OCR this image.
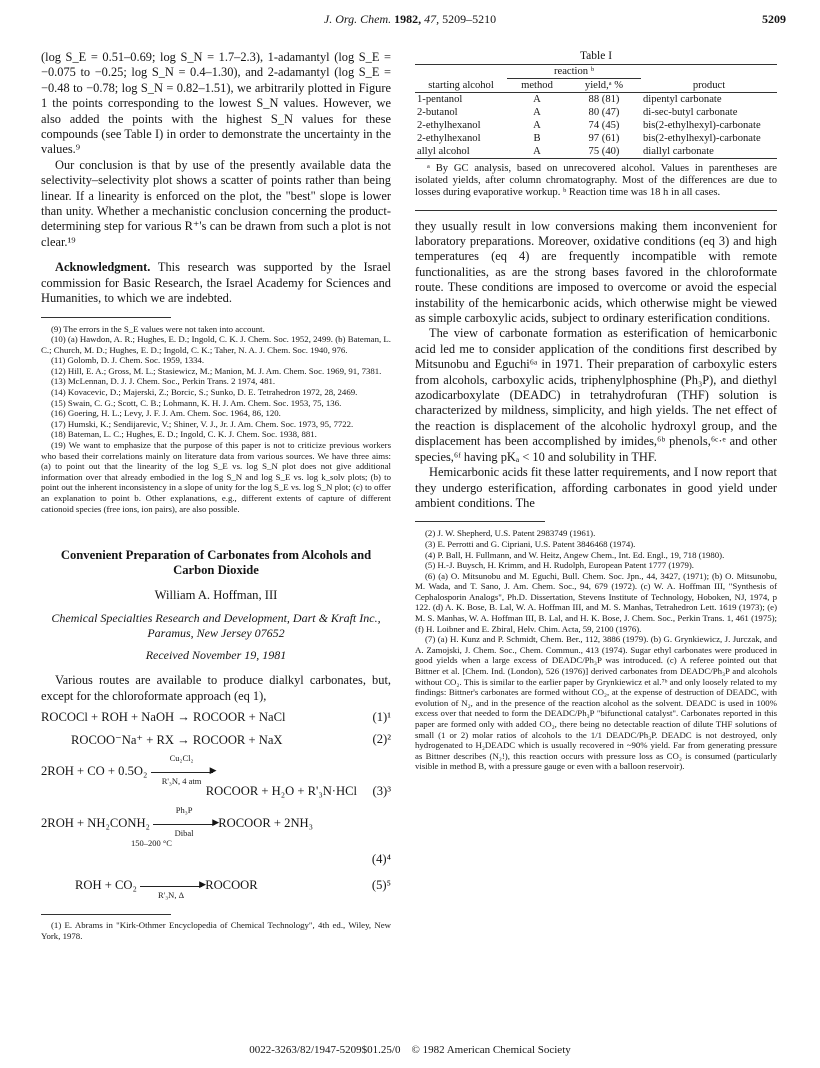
J. Org. Chem. 1982, 47, 5209–5210	5209

(log S_E = 0.51–0.69; log S_N = 1.7–2.3), 1-adamantyl (log S_E = −0.075 to −0.25; log S_N = 0.4–1.30), and 2-adamantyl (log S_E = −0.48 to −0.78; log S_N = 0.82–1.51), we arbitrarily plotted in Figure 1 the points corresponding to the lowest S_N values. However, we also added the points with the highest S_N values for these compounds (see Table I) in order to demonstrate the uncertainty in the values.⁹

Our conclusion is that by use of the presently available data the selectivity–selectivity plot shows a scatter of points rather than being linear. If a linearity is enforced on the plot, the "best" slope is lower than unity. Whether a mechanistic conclusion concerning the product-determining step for various R⁺'s can be drawn from such a plot is not clear.¹⁹

Acknowledgment. This research was supported by the Israel commission for Basic Research, the Israel Academy for Sciences and Humanities, to which we are indebted.

(9) The errors in the S_E values were not taken into account.
(10) (a) Hawdon, A. R.; Hughes, E. D.; Ingold, C. K. J. Chem. Soc. 1952, 2499. (b) Bateman, L. C.; Church, M. D.; Hughes, E. D.; Ingold, C. K.; Taher, N. A. J. Chem. Soc. 1940, 976.
(11) Golomb, D. J. Chem. Soc. 1959, 1334.
(12) Hill, E. A.; Gross, M. L.; Stasiewicz, M.; Manion, M. J. Am. Chem. Soc. 1969, 91, 7381.
(13) McLennan, D. J. J. Chem. Soc., Perkin Trans. 2 1974, 481.
(14) Kovacevic, D.; Majerski, Z.; Borcic, S.; Sunko, D. E. Tetrahedron 1972, 28, 2469.
(15) Swain, C. G.; Scott, C. B.; Lohmann, K. H. J. Am. Chem. Soc. 1953, 75, 136.
(16) Goering, H. L.; Levy, J. F. J. Am. Chem. Soc. 1964, 86, 120.
(17) Humski, K.; Sendijarevic, V.; Shiner, V. J., Jr. J. Am. Chem. Soc. 1973, 95, 7722.
(18) Bateman, L. C.; Hughes, E. D.; Ingold, C. K. J. Chem. Soc. 1938, 881.
(19) We want to emphasize that the purpose of this paper is not to criticize previous workers who based their correlations mainly on literature data from various sources. We have three aims: (a) to point out that the linearity of the log S_E vs. log S_N plot does not give additional information over that already embodied in the log S_N and log S_E vs. log k_solv plots; (b) to point out the inherent inconsistency in a slope of unity for the log S_E vs. log S_N plot; (c) to offer an explanation to point b. Other explanations, e.g., different extents of capture of different cationoid species (free ions, ion pairs), are also possible.
Convenient Preparation of Carbonates from Alcohols and Carbon Dioxide
William A. Hoffman, III
Chemical Specialties Research and Development, Dart & Kraft Inc., Paramus, New Jersey 07652
Received November 19, 1981

Various routes are available to produce dialkyl carbonates, but, except for the chloroformate approach (eq 1),

ROCOCl + ROH + NaOH → ROCOOR + NaCl	(1)¹
ROCOO⁻Na⁺ + RX → ROCOOR + NaX	(2)²
2ROH + CO + 0.5O₂
Cu₂Cl₂
▶
R'₃N, 4 atm
ROCOOR + H₂O + R'₃N·HCl (3)³
2ROH + NH₂CONH₂
Ph₃P
▶
Dibal
ROCOOR + 2NH₃
150–200 °C
(4)⁴
ROH + CO₂	▶
R'₃N, Δ
ROCOOR	(5)⁵
(1) E. Abrams in "Kirk-Othmer Encyclopedia of Chemical Technology", 4th ed., Wiley, New York, 1978.
Table I
	reaction ᵇ		
starting alcohol	method	yield,ᵃ %	product
1-pentanol	A	88 (81)	dipentyl carbonate
2-butanol	A	80 (47)	di-sec-butyl carbonate
2-ethylhexanol	A	74 (45)	bis(2-ethylhexyl)-carbonate
2-ethylhexanol	B	97 (61)	bis(2-ethylhexyl)-carbonate
allyl alcohol	A	75 (40)	diallyl carbonate

ᵃ By GC analysis, based on unrecovered alcohol. Values in parentheses are isolated yields, after column chromatography. Most of the differences are due to losses during evaporative workup. ᵇ Reaction time was 18 h in all cases.

they usually result in low conversions making them inconvenient for laboratory preparations. Moreover, oxidative conditions (eq 3) and high temperatures (eq 4) are frequently incompatible with remote functionalities, as are the strong bases favored in the chloroformate route. These conditions are imposed to overcome or avoid the especial instability of the hemicarbonic acids, which otherwise might be viewed as simple carboxylic acids, subject to ordinary esterification conditions.

The view of carbonate formation as esterification of hemicarbonic acid led me to consider application of the conditions first described by Mitsunobu and Eguchi⁶ᵃ in 1971. Their preparation of carboxylic esters from alcohols, carboxylic acids, triphenylphosphine (Ph₃P), and diethyl azodicarboxylate (DEADC) in tetrahydrofuran (THF) solution is characterized by mildness, simplicity, and high yields. The net effect of the reaction is displacement of the alcoholic hydroxyl group, and the displacement has been accomplished by imides,⁶ᵇ phenols,⁶ᶜ·ᵉ and other species,⁶ᶠ having pKₐ < 10 and solubility in THF.

Hemicarbonic acids fit these latter requirements, and I now report that they undergo esterification, affording carbonates in good yield under ambient conditions. The

(2) J. W. Shepherd, U.S. Patent 2983749 (1961).
(3) E. Perrotti and G. Cipriani, U.S. Patent 3846468 (1974).
(4) P. Ball, H. Fullmann, and W. Heitz, Angew Chem., Int. Ed. Engl., 19, 718 (1980).
(5) H.-J. Buysch, H. Krimm, and H. Rudolph, European Patent 1777 (1979).
(6) (a) O. Mitsunobu and M. Eguchi, Bull. Chem. Soc. Jpn., 44, 3427, (1971); (b) O. Mitsunobu, M. Wada, and T. Sano, J. Am. Chem. Soc., 94, 679 (1972). (c) W. A. Hoffman III, "Synthesis of Cephalosporin Analogs", Ph.D. Dissertation, Stevens Institute of Technology, Hoboken, NJ, 1974, p 122. (d) A. K. Bose, B. Lal, W. A. Hoffman III, and M. S. Manhas, Tetrahedron Lett. 1619 (1973); (e) M. S. Manhas, W. A. Hoffman III, B. Lal, and H. K. Bose, J. Chem. Soc., Perkin Trans. 1, 461 (1975); (f) H. Loibner and E. Zbiral, Helv. Chim. Acta, 59, 2100 (1976).
(7) (a) H. Kunz and P. Schmidt, Chem. Ber., 112, 3886 (1979). (b) G. Grynkiewicz, J. Jurczak, and A. Zamojski, J. Chem. Soc., Chem. Commun., 413 (1974). Sugar ethyl carbonates were produced in good yields when a large excess of DEADC/Ph₃P was introduced. (c) A referee pointed out that Bittner et al. [Chem. Ind. (London), 526 (1976)] derived carbonates from DEADC/Ph₃P and alcohols without CO₂. This is similar to the earlier paper by Grynkiewicz et al.⁷ᵇ and only loosely related to my findings: Bittner's carbonates are formed without CO₂, at the expense of destruction of DEADC, with evolution of N₂, and in the presence of the reaction alcohol as the solvent. DEADC is used in 100% excess over that needed to form the DEADC/Ph₃P "bifunctional catalyst". Carbonates reported in this paper are formed only with added CO₂, there being no detectable reaction of dilute THF solutions of small (1 or 2) molar ratios of alcohols to the 1/1 DEADC/Ph₃P. DEADC is not destroyed, only hydrogenated to H₂DEADC which is usually recovered in ~90% yield. Far from generating pressure as Bittner describes (N₂!), this reaction occurs with pressure loss as CO₂ is consumed (particularly visible in method B, with a pressure gauge or even with a balloon reservoir).
0022-3263/82/1947-5209$01.25/0 © 1982 American Chemical Society
